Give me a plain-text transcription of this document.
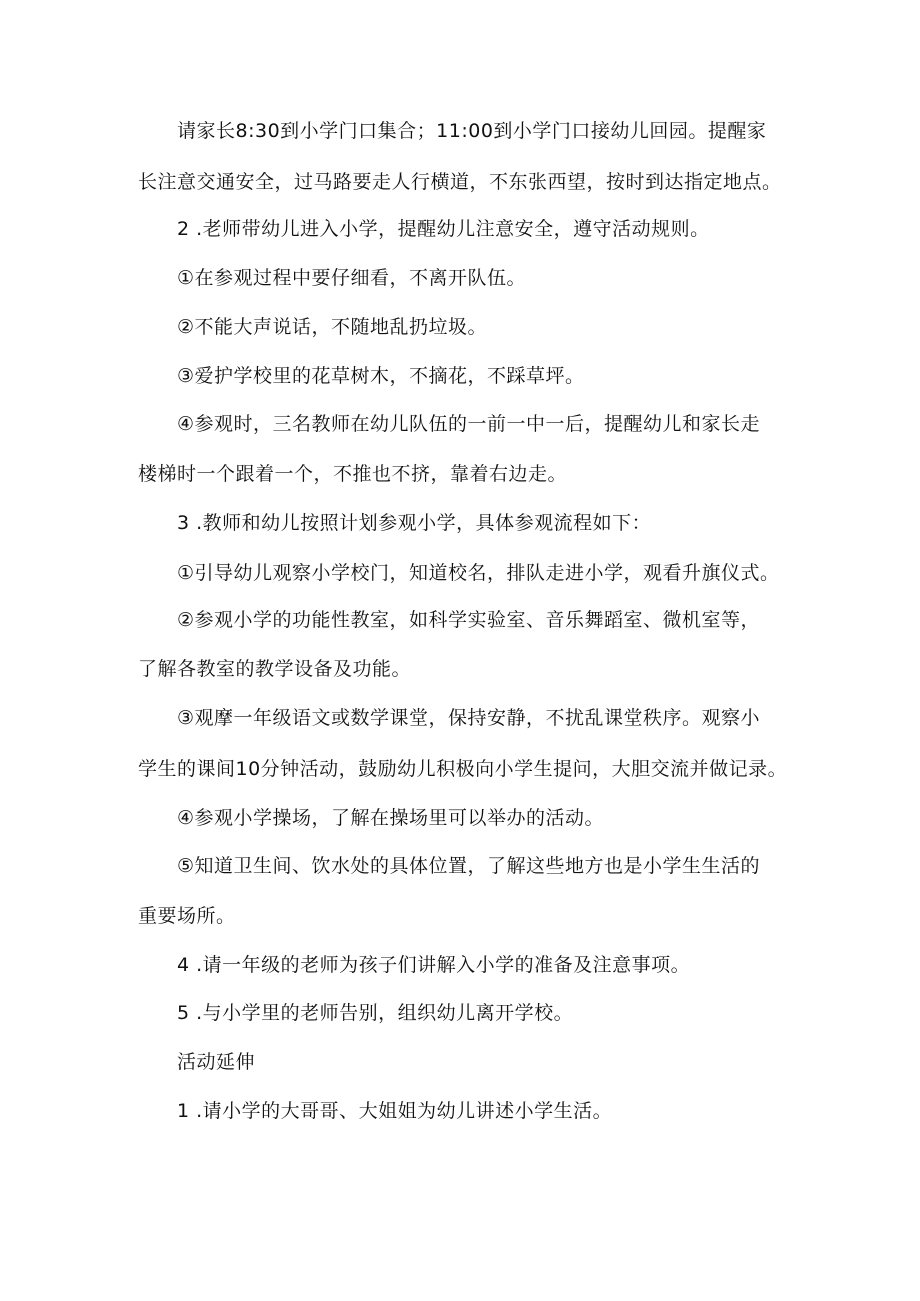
请家长8:30到小学门口集合；11:00到小学门口接幼儿回园。提醒家

长注意交通安全，过马路要走人行横道，不东张西望，按时到达指定地点。

2 .老师带幼儿进入小学，提醒幼儿注意安全，遵守活动规则。

①在参观过程中要仔细看，不离开队伍。

②不能大声说话，不随地乱扔垃圾。

③爱护学校里的花草树木，不摘花，不踩草坪。

④参观时，三名教师在幼儿队伍的一前一中一后，提醒幼儿和家长走

楼梯时一个跟着一个，不推也不挤，靠着右边走。

3 .教师和幼儿按照计划参观小学，具体参观流程如下：

①引导幼儿观察小学校门，知道校名，排队走进小学，观看升旗仪式。

②参观小学的功能性教室，如科学实验室、音乐舞蹈室、微机室等，

了解各教室的教学设备及功能。

③观摩一年级语文或数学课堂，保持安静，不扰乱课堂秩序。观察小

学生的课间10分钟活动，鼓励幼儿积极向小学生提问，大胆交流并做记录。

④参观小学操场，了解在操场里可以举办的活动。

⑤知道卫生间、饮水处的具体位置，了解这些地方也是小学生生活的

重要场所。

4 .请一年级的老师为孩子们讲解入小学的准备及注意事项。

5 .与小学里的老师告别，组织幼儿离开学校。

活动延伸

1 .请小学的大哥哥、大姐姐为幼儿讲述小学生活。
